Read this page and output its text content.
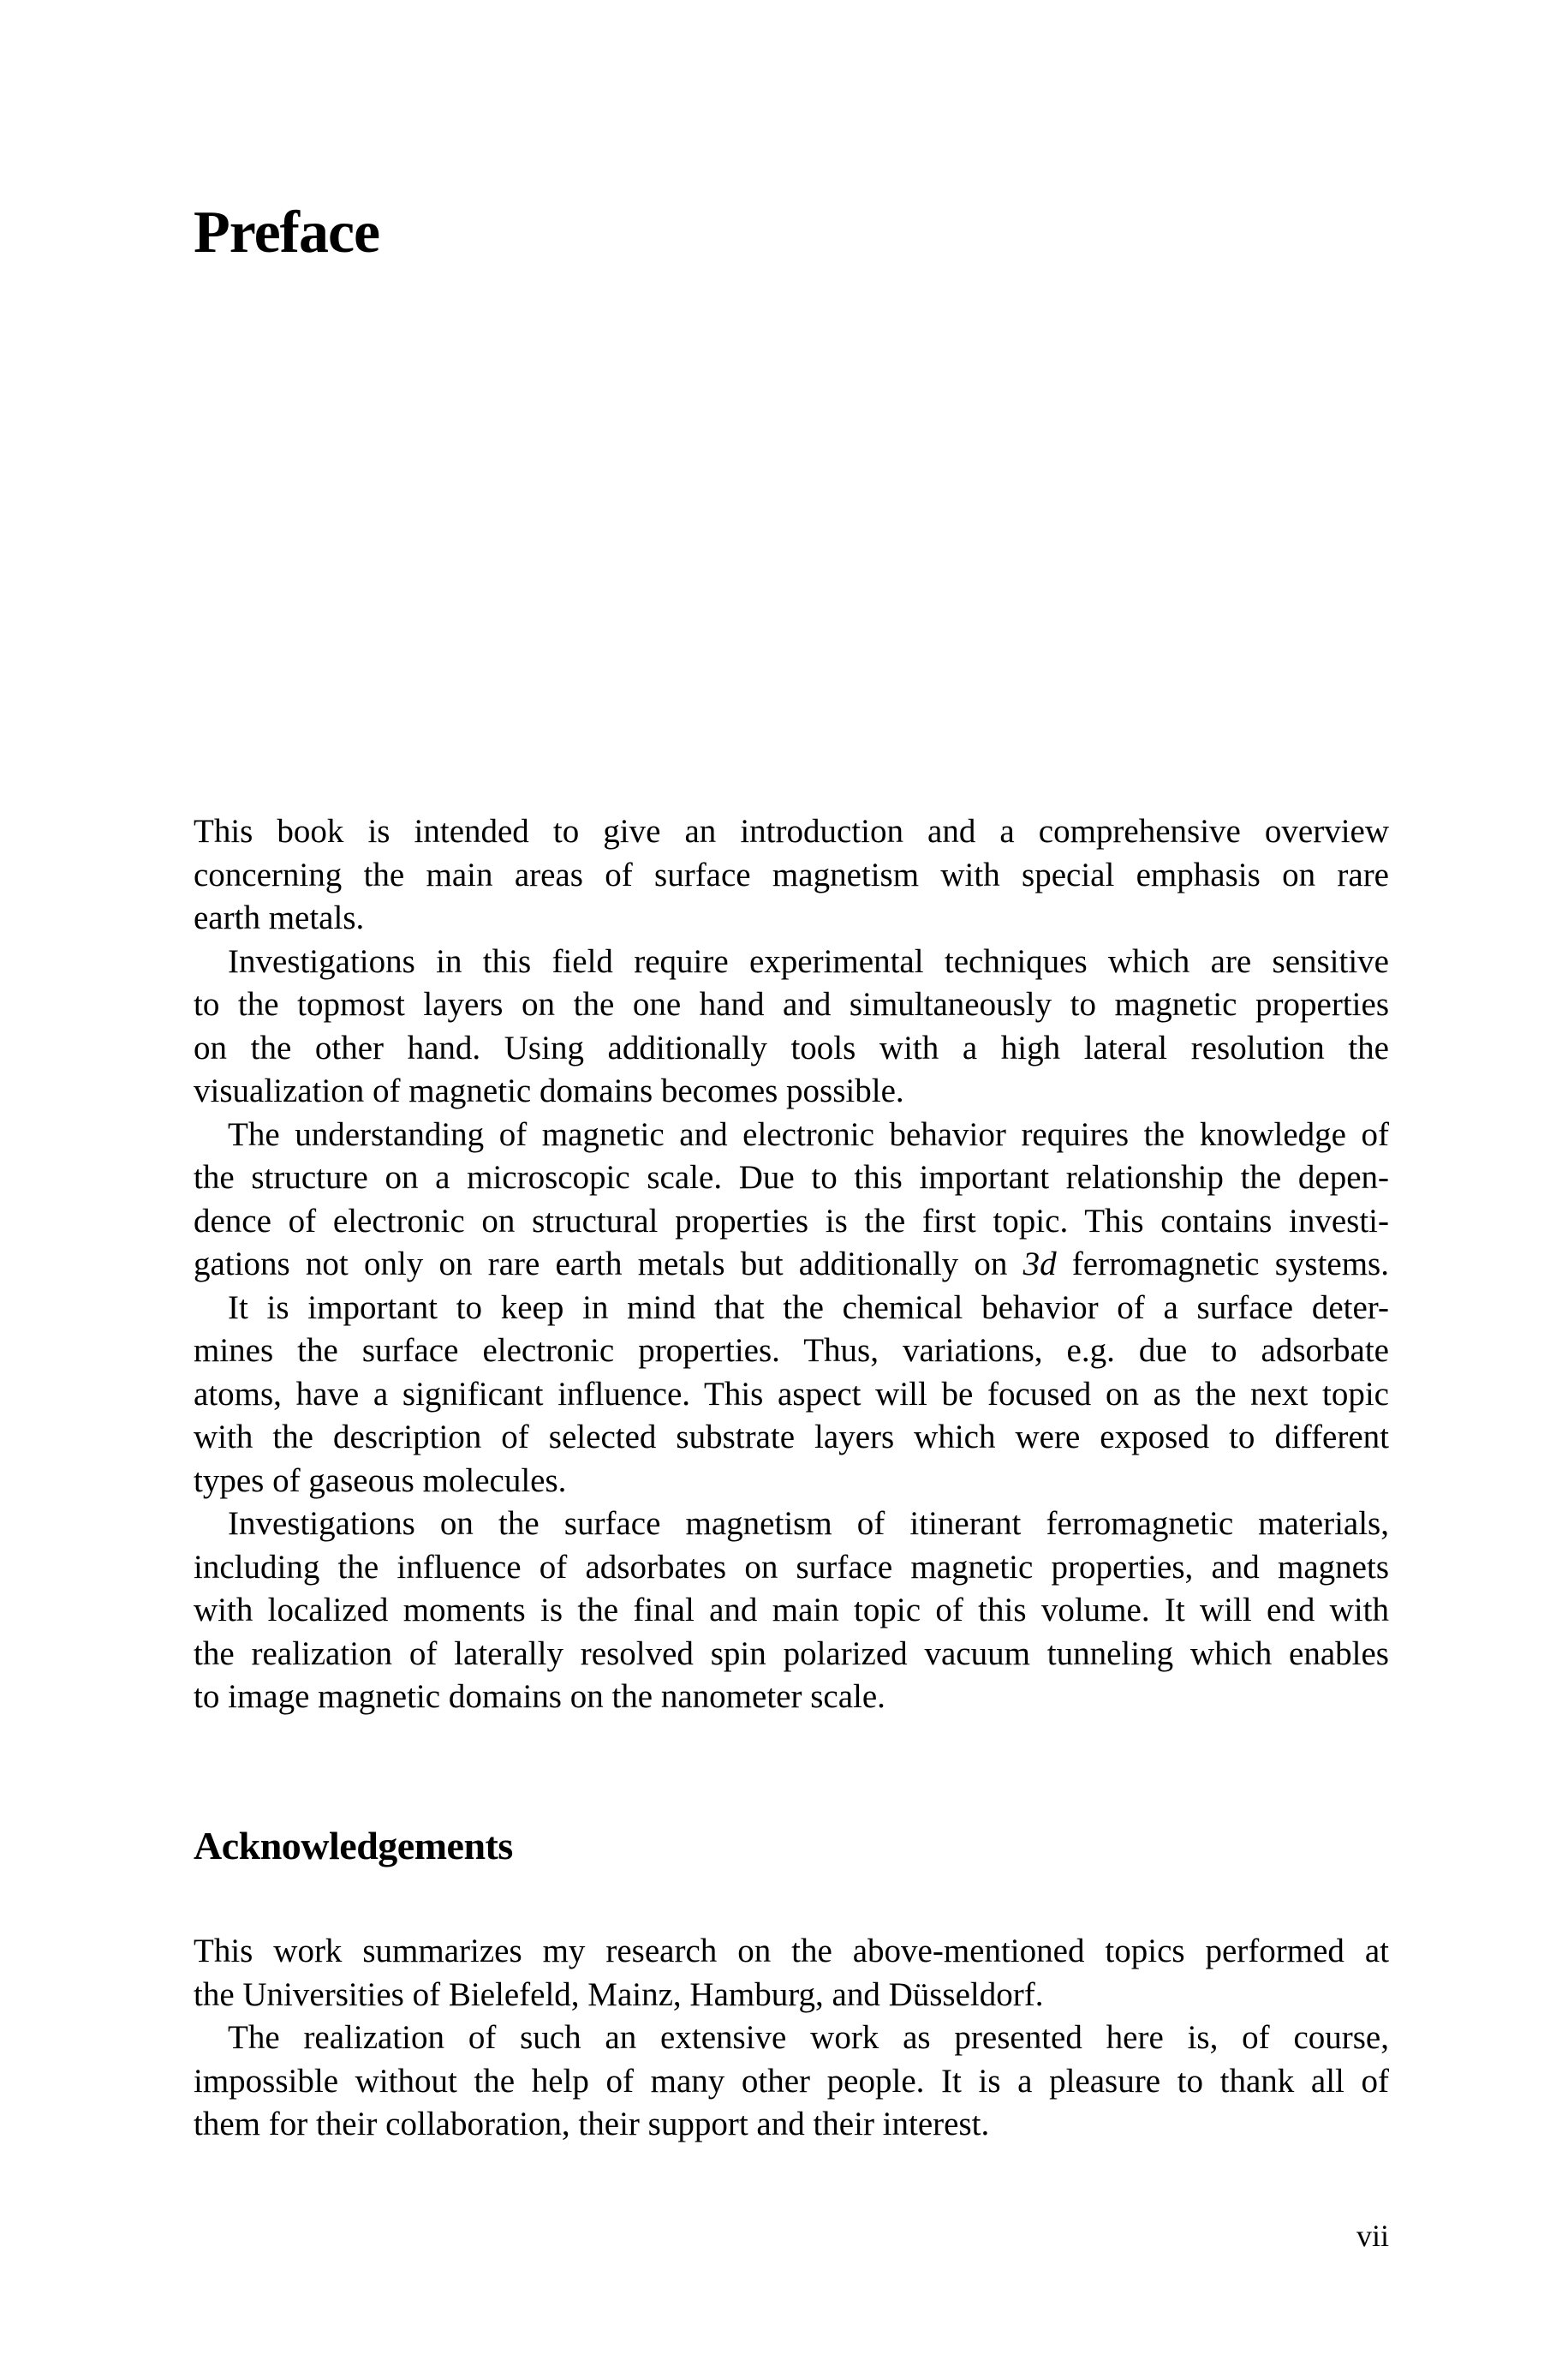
Preface
This book is intended to give an introduction and a comprehensive overview
concerning the main areas of surface magnetism with special emphasis on rare
earth metals.
Investigations in this field require experimental techniques which are sensitive
to the topmost layers on the one hand and simultaneously to magnetic properties
on the other hand. Using additionally tools with a high lateral resolution the
visualization of magnetic domains becomes possible.
The understanding of magnetic and electronic behavior requires the knowledge of
the structure on a microscopic scale. Due to this important relationship the depen-
dence of electronic on structural properties is the first topic. This contains investi-
gations not only on rare earth metals but additionally on 3d ferromagnetic systems.
It is important to keep in mind that the chemical behavior of a surface deter-
mines the surface electronic properties. Thus, variations, e.g. due to adsorbate
atoms, have a significant influence. This aspect will be focused on as the next topic
with the description of selected substrate layers which were exposed to different
types of gaseous molecules.
Investigations on the surface magnetism of itinerant ferromagnetic materials,
including the influence of adsorbates on surface magnetic properties, and magnets
with localized moments is the final and main topic of this volume. It will end with
the realization of laterally resolved spin polarized vacuum tunneling which enables
to image magnetic domains on the nanometer scale.
Acknowledgements
This work summarizes my research on the above-mentioned topics performed at
the Universities of Bielefeld, Mainz, Hamburg, and Düsseldorf.
The realization of such an extensive work as presented here is, of course,
impossible without the help of many other people. It is a pleasure to thank all of
them for their collaboration, their support and their interest.
vii
